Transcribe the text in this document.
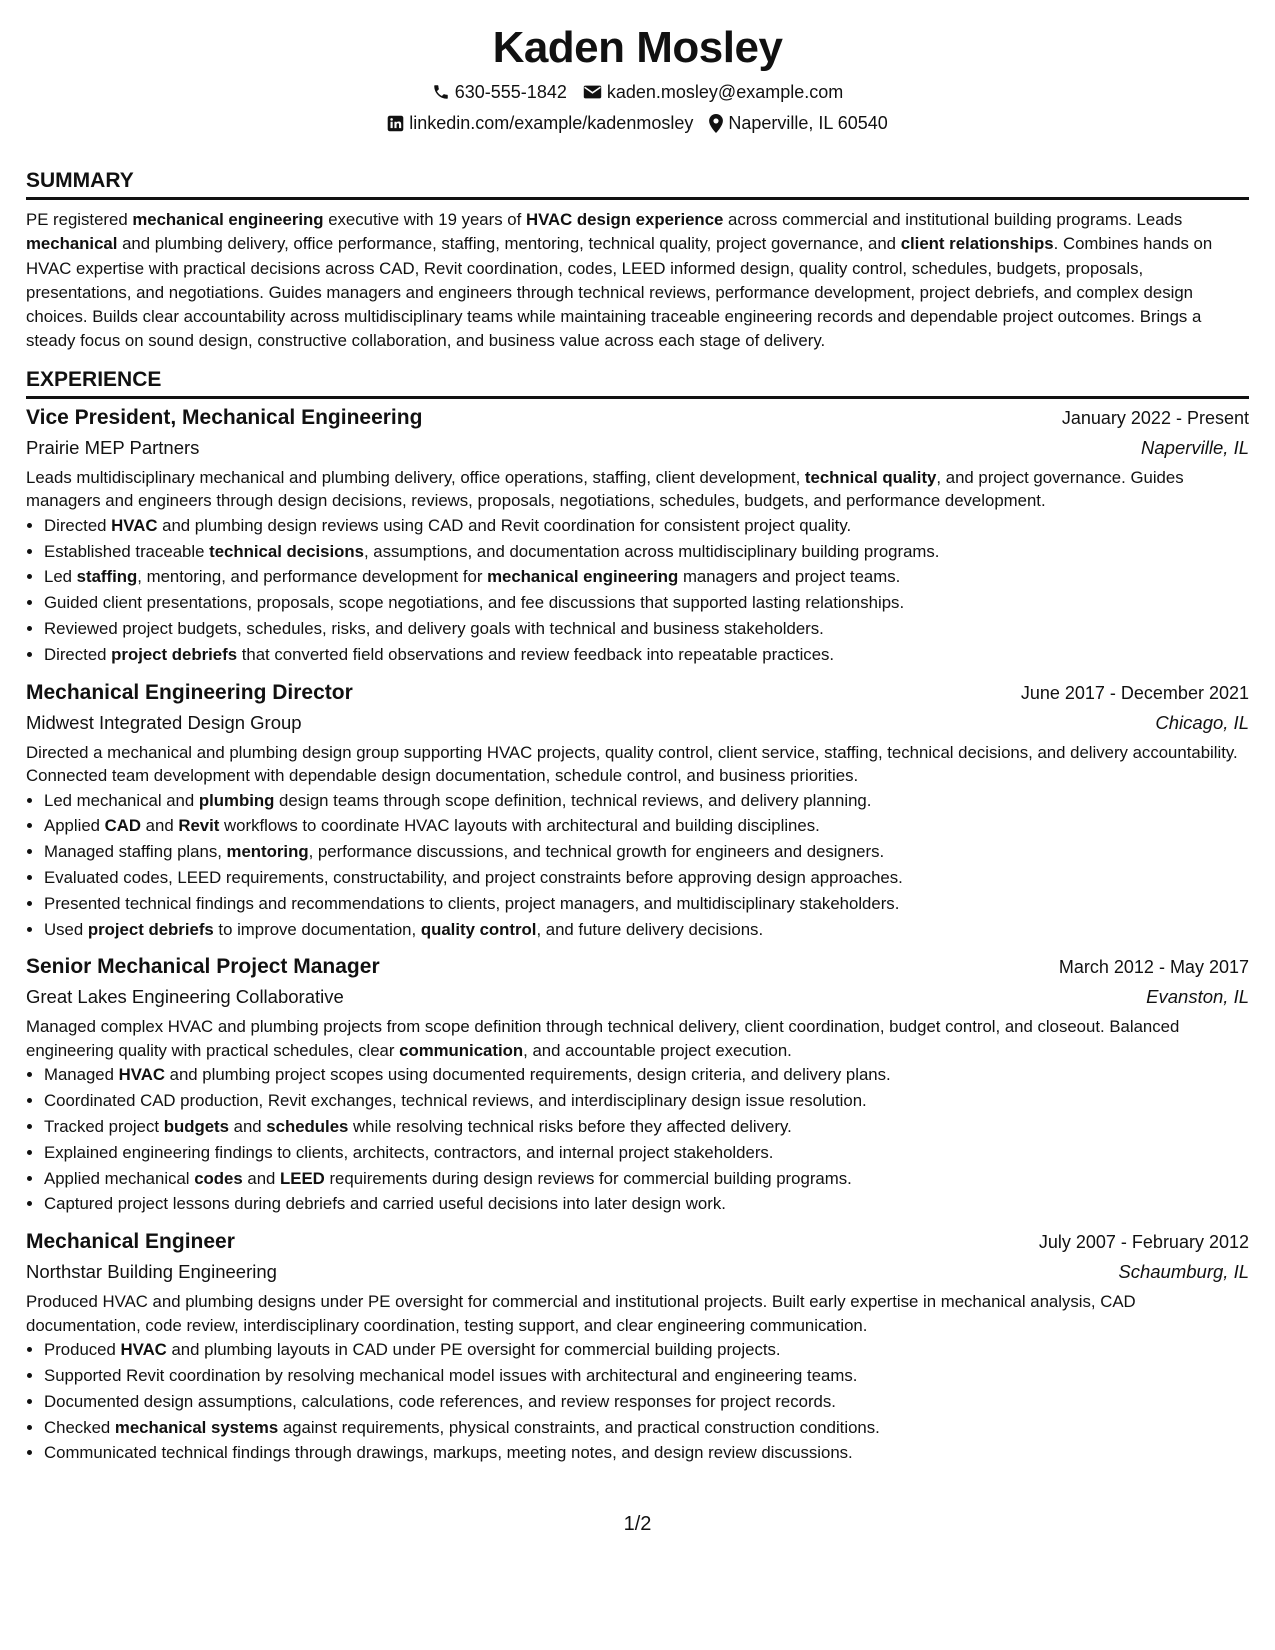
Kaden Mosley
630-555-1842 kaden.mosley@example.com
linkedin.com/example/kadenmosley Naperville, IL 60540
SUMMARY
PE registered mechanical engineering executive with 19 years of HVAC design experience across commercial and institutional building programs. Leads mechanical and plumbing delivery, office performance, staffing, mentoring, technical quality, project governance, and client relationships. Combines hands on HVAC expertise with practical decisions across CAD, Revit coordination, codes, LEED informed design, quality control, schedules, budgets, proposals, presentations, and negotiations. Guides managers and engineers through technical reviews, performance development, project debriefs, and complex design choices. Builds clear accountability across multidisciplinary teams while maintaining traceable engineering records and dependable project outcomes. Brings a steady focus on sound design, constructive collaboration, and business value across each stage of delivery.
EXPERIENCE
Vice President, Mechanical Engineering	January 2022 - Present
Prairie MEP Partners	Naperville, IL
Leads multidisciplinary mechanical and plumbing delivery, office operations, staffing, client development, technical quality, and project governance. Guides managers and engineers through design decisions, reviews, proposals, negotiations, schedules, budgets, and performance development.
• Directed HVAC and plumbing design reviews using CAD and Revit coordination for consistent project quality.
• Established traceable technical decisions, assumptions, and documentation across multidisciplinary building programs.
• Led staffing, mentoring, and performance development for mechanical engineering managers and project teams.
• Guided client presentations, proposals, scope negotiations, and fee discussions that supported lasting relationships.
• Reviewed project budgets, schedules, risks, and delivery goals with technical and business stakeholders.
• Directed project debriefs that converted field observations and review feedback into repeatable practices.
Mechanical Engineering Director	June 2017 - December 2021
Midwest Integrated Design Group	Chicago, IL
Directed a mechanical and plumbing design group supporting HVAC projects, quality control, client service, staffing, technical decisions, and delivery accountability. Connected team development with dependable design documentation, schedule control, and business priorities.
• Led mechanical and plumbing design teams through scope definition, technical reviews, and delivery planning.
• Applied CAD and Revit workflows to coordinate HVAC layouts with architectural and building disciplines.
• Managed staffing plans, mentoring, performance discussions, and technical growth for engineers and designers.
• Evaluated codes, LEED requirements, constructability, and project constraints before approving design approaches.
• Presented technical findings and recommendations to clients, project managers, and multidisciplinary stakeholders.
• Used project debriefs to improve documentation, quality control, and future delivery decisions.
Senior Mechanical Project Manager	March 2012 - May 2017
Great Lakes Engineering Collaborative	Evanston, IL
Managed complex HVAC and plumbing projects from scope definition through technical delivery, client coordination, budget control, and closeout. Balanced engineering quality with practical schedules, clear communication, and accountable project execution.
• Managed HVAC and plumbing project scopes using documented requirements, design criteria, and delivery plans.
• Coordinated CAD production, Revit exchanges, technical reviews, and interdisciplinary design issue resolution.
• Tracked project budgets and schedules while resolving technical risks before they affected delivery.
• Explained engineering findings to clients, architects, contractors, and internal project stakeholders.
• Applied mechanical codes and LEED requirements during design reviews for commercial building programs.
• Captured project lessons during debriefs and carried useful decisions into later design work.
Mechanical Engineer	July 2007 - February 2012
Northstar Building Engineering	Schaumburg, IL
Produced HVAC and plumbing designs under PE oversight for commercial and institutional projects. Built early expertise in mechanical analysis, CAD documentation, code review, interdisciplinary coordination, testing support, and clear engineering communication.
• Produced HVAC and plumbing layouts in CAD under PE oversight for commercial building projects.
• Supported Revit coordination by resolving mechanical model issues with architectural and engineering teams.
• Documented design assumptions, calculations, code references, and review responses for project records.
• Checked mechanical systems against requirements, physical constraints, and practical construction conditions.
• Communicated technical findings through drawings, markups, meeting notes, and design review discussions.
1/2
